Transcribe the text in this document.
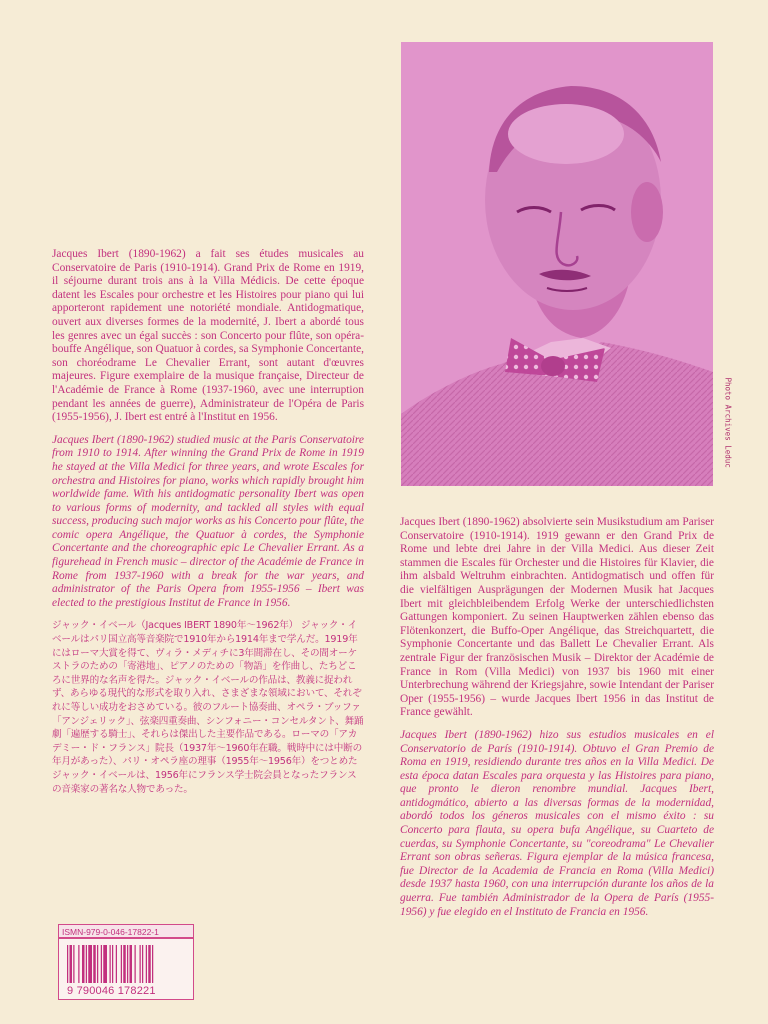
Jacques Ibert (1890-1962) a fait ses études musicales au Conservatoire de Paris (1910-1914). Grand Prix de Rome en 1919, il séjourne durant trois ans à la Villa Médicis. De cette époque datent les Escales pour orchestre et les Histoires pour piano qui lui apporteront rapidement une notoriété mondiale. Antidogmatique, ouvert aux diverses formes de la modernité, J. Ibert a abordé tous les genres avec un égal succès : son Concerto pour flûte, son opéra-bouffe Angélique, son Quatuor à cordes, sa Symphonie Concertante, son choréodrame Le Chevalier Errant, sont autant d'œuvres majeures. Figure exemplaire de la musique française, Directeur de l'Académie de France à Rome (1937-1960, avec une interruption pendant les années de guerre), Administrateur de l'Opéra de Paris (1955-1956), J. Ibert est entré à l'Institut en 1956.

Jacques Ibert (1890-1962) studied music at the Paris Conservatoire from 1910 to 1914. After winning the Grand Prix de Rome in 1919 he stayed at the Villa Medici for three years, and wrote Escales for orchestra and Histoires for piano, works which rapidly brought him worldwide fame. With his antidogmatic personality Ibert was open to various forms of modernity, and tackled all styles with equal success, producing such major works as his Concerto pour flûte, the comic opera Angélique, the Quatuor à cordes, the Symphonie Concertante and the choreographic epic Le Chevalier Errant. As a figurehead in French music – director of the Académie de France in Rome from 1937-1960 with a break for the war years, and administrator of the Paris Opera from 1955-1956 – Ibert was elected to the prestigious Institut de France in 1956.

ジャック・イベール（Jacques IBERT 1890年〜1962年） ジャック・イベールはパリ国立高等音楽院で1910年から1914年まで学んだ。1919年にはローマ大賞を得て、ヴィラ・メディチに3年間滞在し、その間オーケストラのための「寄港地」、ピアノのための「物語」を作曲し、たちどころに世界的な名声を得た。ジャック・イベールの作品は、教義に捉われず、あらゆる現代的な形式を取り入れ、さまざまな領域において、それぞれに等しい成功をおさめている。彼のフルート協奏曲、オペラ・ブッファ「アンジェリック」、弦楽四重奏曲、シンフォニー・コンセルタント、舞踊劇「遍歴する騎士」、それらは傑出した主要作品である。ローマの「アカデミー・ド・フランス」院長（1937年〜1960年在職。戦時中には中断の年月があった）、パリ・オペラ座の理事（1955年〜1956年）をつとめたジャック・イベールは、1956年にフランス学士院会員となったフランスの音楽家の著名な人物であった。

Photo Archives Leduc

Jacques Ibert (1890-1962) absolvierte sein Musikstudium am Pariser Conservatoire (1910-1914). 1919 gewann er den Grand Prix de Rome und lebte drei Jahre in der Villa Medici. Aus dieser Zeit stammen die Escales für Orchester und die Histoires für Klavier, die ihm alsbald Weltruhm einbrachten. Antidogmatisch und offen für die vielfältigen Ausprägungen der Modernen Musik hat Jacques Ibert mit gleichbleibendem Erfolg Werke der unterschiedlichsten Gattungen komponiert. Zu seinen Hauptwerken zählen ebenso das Flötenkonzert, die Buffo-Oper Angélique, das Streichquartett, die Symphonie Concertante und das Ballett Le Chevalier Errant. Als zentrale Figur der französischen Musik – Direktor der Académie de France in Rom (Villa Medici) von 1937 bis 1960 mit einer Unterbrechung während der Kriegsjahre, sowie Intendant der Pariser Oper (1955-1956) – wurde Jacques Ibert 1956 in das Institut de France gewählt.

Jacques Ibert (1890-1962) hizo sus estudios musicales en el Conservatorio de París (1910-1914). Obtuvo el Gran Premio de Roma en 1919, residiendo durante tres años en la Villa Medici. De esta época datan Escales para orquesta y las Histoires para piano, que pronto le dieron renombre mundial. Jacques Ibert, antidogmático, abierto a las diversas formas de la modernidad, abordó todos los géneros musicales con el mismo éxito : su Concerto para flauta, su opera bufa Angélique, su Cuarteto de cuerdas, su Symphonie Concertante, su "coreodrama" Le Chevalier Errant son obras señeras. Figura ejemplar de la música francesa, fue Director de la Academia de Francia en Roma (Villa Medici) desde 1937 hasta 1960, con una interrupción durante los años de la guerra. Fue también Administrador de la Opera de París (1955-1956) y fue elegido en el Instituto de Francia en 1956.

ISMN-979-0-046-17822-1
9 790046 178221
